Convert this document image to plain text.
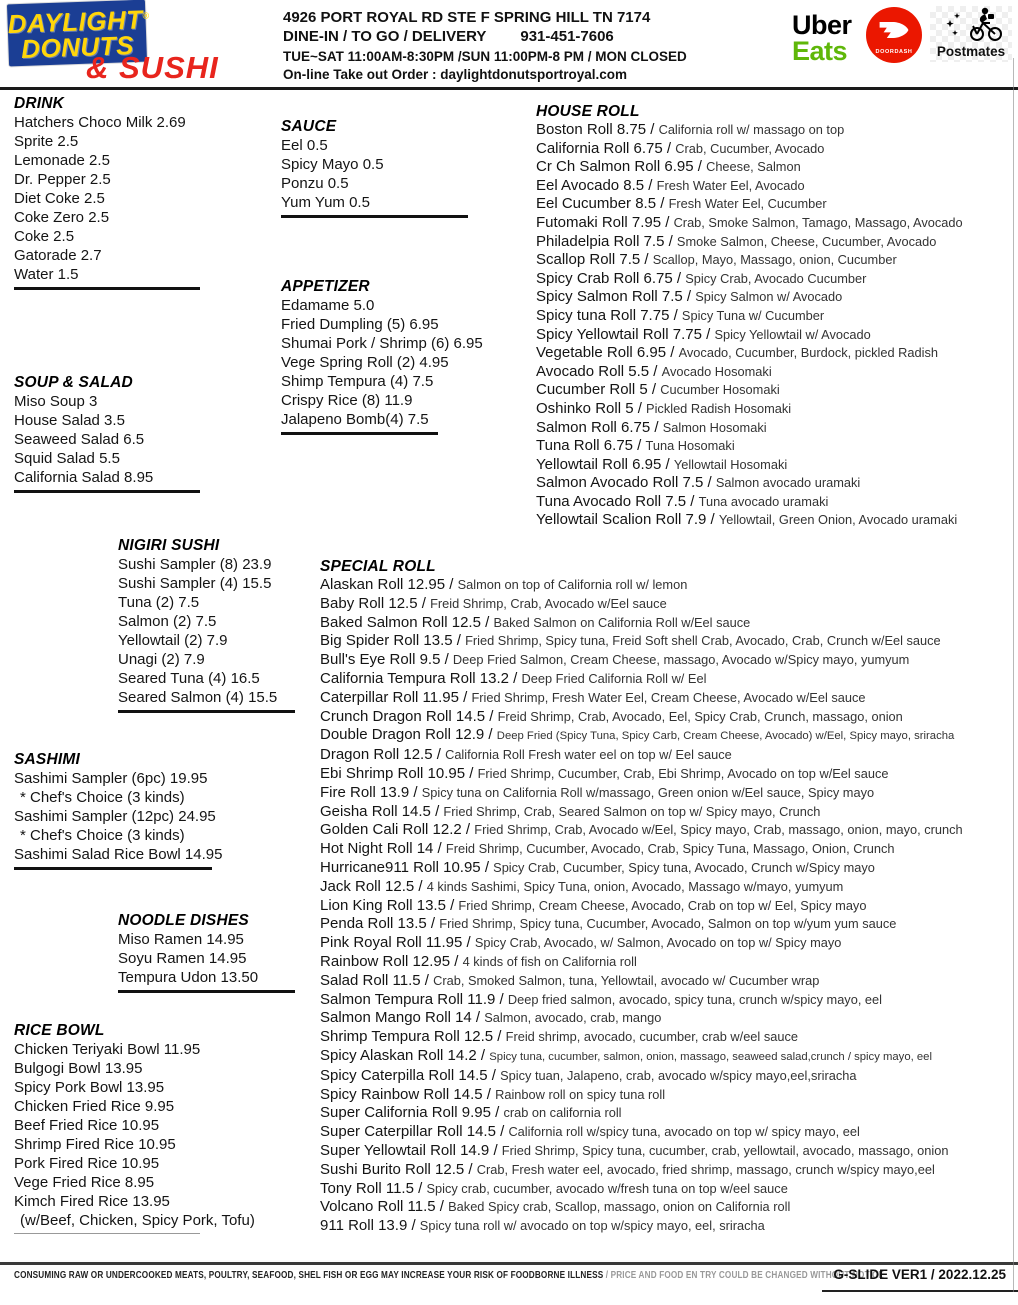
DAYLIGHT®
DONUTS
& SUSHI
4926 PORT ROYAL RD STE F SPRING HILL TN 7174
DINE-IN / TO GO / DELIVERY 931-451-7606
TUE~SAT 11:00AM-8:30PM /SUN 11:00PM-8 PM / MON CLOSED
On-line Take out Order : daylightdonutsportroyal.com
Uber
Eats	DOORDASH	Postmates
DRINK
Hatchers Choco Milk 2.69
Sprite 2.5
Lemonade 2.5
Dr. Pepper 2.5
Diet Coke 2.5
Coke Zero 2.5
Coke 2.5
Gatorade 2.7
Water 1.5
SAUCE
Eel 0.5
Spicy Mayo 0.5
Ponzu 0.5
Yum Yum 0.5
APPETIZER
Edamame 5.0
Fried Dumpling (5) 6.95
Shumai Pork / Shrimp (6) 6.95
Vege Spring Roll (2) 4.95
Shimp Tempura (4) 7.5
Crispy Rice (8) 11.9
Jalapeno Bomb(4) 7.5
SOUP & SALAD
Miso Soup 3
House Salad 3.5
Seaweed Salad 6.5
Squid Salad 5.5
California Salad 8.95
NIGIRI SUSHI
Sushi Sampler (8) 23.9
Sushi Sampler (4) 15.5
Tuna (2) 7.5
Salmon (2) 7.5
Yellowtail (2) 7.9
Unagi (2) 7.9
Seared Tuna (4) 16.5
Seared Salmon (4) 15.5
SASHIMI
Sashimi Sampler (6pc) 19.95
* Chef's Choice (3 kinds)
Sashimi Sampler (12pc) 24.95
* Chef's Choice (3 kinds)
Sashimi Salad Rice Bowl 14.95
NOODLE DISHES
Miso Ramen 14.95
Soyu Ramen 14.95
Tempura Udon 13.50
RICE BOWL
Chicken Teriyaki Bowl 11.95
Bulgogi Bowl 13.95
Spicy Pork Bowl 13.95
Chicken Fried Rice 9.95
Beef Fried Rice 10.95
Shrimp Fired Rice 10.95
Pork Fired Rice 10.95
Vege Fried Rice 8.95
Kimch Fired Rice 13.95
(w/Beef, Chicken, Spicy Pork, Tofu)
HOUSE ROLL
Boston Roll 8.75 / California roll w/ massago on top
California Roll 6.75 / Crab, Cucumber, Avocado
Cr Ch Salmon Roll 6.95 / Cheese, Salmon
Eel Avocado 8.5 / Fresh Water Eel, Avocado
Eel Cucumber 8.5 / Fresh Water Eel, Cucumber
Futomaki Roll 7.95 / Crab, Smoke Salmon, Tamago, Massago, Avocado
Philadelpia Roll 7.5 / Smoke Salmon, Cheese, Cucumber, Avocado
Scallop Roll 7.5 / Scallop, Mayo, Massago, onion, Cucumber
Spicy Crab Roll 6.75 / Spicy Crab, Avocado Cucumber
Spicy Salmon Roll 7.5 / Spicy Salmon w/ Avocado
Spicy tuna Roll 7.75 / Spicy Tuna w/ Cucumber
Spicy Yellowtail Roll 7.75 / Spicy Yellowtail w/ Avocado
Vegetable Roll 6.95 / Avocado, Cucumber, Burdock, pickled Radish
Avocado Roll 5.5 / Avocado Hosomaki
Cucumber Roll 5 / Cucumber Hosomaki
Oshinko Roll 5 / Pickled Radish Hosomaki
Salmon Roll 6.75 / Salmon Hosomaki
Tuna Roll 6.75 / Tuna Hosomaki
Yellowtail Roll 6.95 / Yellowtail Hosomaki
Salmon Avocado Roll 7.5 / Salmon avocado uramaki
Tuna Avocado Roll 7.5 / Tuna avocado uramaki
Yellowtail Scalion Roll 7.9 / Yellowtail, Green Onion, Avocado uramaki
SPECIAL ROLL
Alaskan Roll 12.95 / Salmon on top of California roll w/ lemon
Baby Roll 12.5 / Freid Shrimp, Crab, Avocado w/Eel sauce
Baked Salmon Roll 12.5 / Baked Salmon on California Roll w/Eel sauce
Big Spider Roll 13.5 / Fried Shrimp, Spicy tuna, Freid Soft shell Crab, Avocado, Crab, Crunch w/Eel sauce
Bull's Eye Roll 9.5 / Deep Fried Salmon, Cream Cheese, massago, Avocado w/Spicy mayo, yumyum
California Tempura Roll 13.2 / Deep Fried California Roll w/ Eel
Caterpillar Roll 11.95 / Fried Shrimp, Fresh Water Eel, Cream Cheese, Avocado w/Eel sauce
Crunch Dragon Roll 14.5 / Freid Shrimp, Crab, Avocado, Eel, Spicy Crab, Crunch, massago, onion
Double Dragon Roll 12.9 / Deep Fried (Spicy Tuna, Spicy Carb, Cream Cheese, Avocado) w/Eel, Spicy mayo, sriracha
Dragon Roll 12.5 / California Roll Fresh water eel on top w/ Eel sauce
Ebi Shrimp Roll 10.95 / Fried Shrimp, Cucumber, Crab, Ebi Shrimp, Avocado on top w/Eel sauce
Fire Roll 13.9 / Spicy tuna on California Roll w/massago, Green onion w/Eel sauce, Spicy mayo
Geisha Roll 14.5 / Fried Shrimp, Crab, Seared Salmon on top w/ Spicy mayo, Crunch
Golden Cali Roll 12.2 / Fried Shrimp, Crab, Avocado w/Eel, Spicy mayo, Crab, massago, onion, mayo, crunch
Hot Night Roll 14 / Freid Shrimp, Cucumber, Avocado, Crab, Spicy Tuna, Massago, Onion, Crunch
Hurricane911 Roll 10.95 / Spicy Crab, Cucumber, Spicy tuna, Avocado, Crunch w/Spicy mayo
Jack Roll 12.5 / 4 kinds Sashimi, Spicy Tuna, onion, Avocado, Massago w/mayo, yumyum
Lion King Roll 13.5 / Fried Shrimp, Cream Cheese, Avocado, Crab on top w/ Eel, Spicy mayo
Penda Roll 13.5 / Fried Shrimp, Spicy tuna, Cucumber, Avocado, Salmon on top w/yum yum sauce
Pink Royal Roll 11.95 / Spicy Crab, Avocado, w/ Salmon, Avocado on top w/ Spicy mayo
Rainbow Roll 12.95 / 4 kinds of fish on California roll
Salad Roll 11.5 / Crab, Smoked Salmon, tuna, Yellowtail, avocado w/ Cucumber wrap
Salmon Tempura Roll 11.9 / Deep fried salmon, avocado, spicy tuna, crunch w/spicy mayo, eel
Salmon Mango Roll 14 / Salmon, avocado, crab, mango
Shrimp Tempura Roll 12.5 / Freid shrimp, avocado, cucumber, crab w/eel sauce
Spicy Alaskan Roll 14.2 / Spicy tuna, cucumber, salmon, onion, massago, seaweed salad,crunch / spicy mayo, eel
Spicy Caterpilla Roll 14.5 / Spicy tuan, Jalapeno, crab, avocado w/spicy mayo,eel,sriracha
Spicy Rainbow Roll 14.5 / Rainbow roll on spicy tuna roll
Super California Roll 9.95 / crab on california roll
Super Caterpillar Roll 14.5 / California roll w/spicy tuna, avocado on top w/ spicy mayo, eel
Super Yellowtail Roll 14.9 / Fried Shrimp, Spicy tuna, cucumber, crab, yellowtail, avocado, massago, onion
Sushi Burito Roll 12.5 / Crab, Fresh water eel, avocado, fried shrimp, massago, crunch w/spicy mayo,eel
Tony Roll 11.5 / Spicy crab, cucumber, avocado w/fresh tuna on top w/eel sauce
Volcano Roll 11.5 / Baked Spicy crab, Scallop, massago, onion on California roll
911 Roll 13.9 / Spicy tuna roll w/ avocado on top w/spicy mayo, eel, sriracha
CONSUMING RAW OR UNDERCOOKED MEATS, POULTRY, SEAFOOD, SHEL FISH OR EGG MAY INCREASE YOUR RISK OF FOODBORNE ILLNESS / PRICE AND FOOD EN TRY COULD BE CHANGED WITHOUT NOTICE
G-SLIDE VER1 / 2022.12.25
